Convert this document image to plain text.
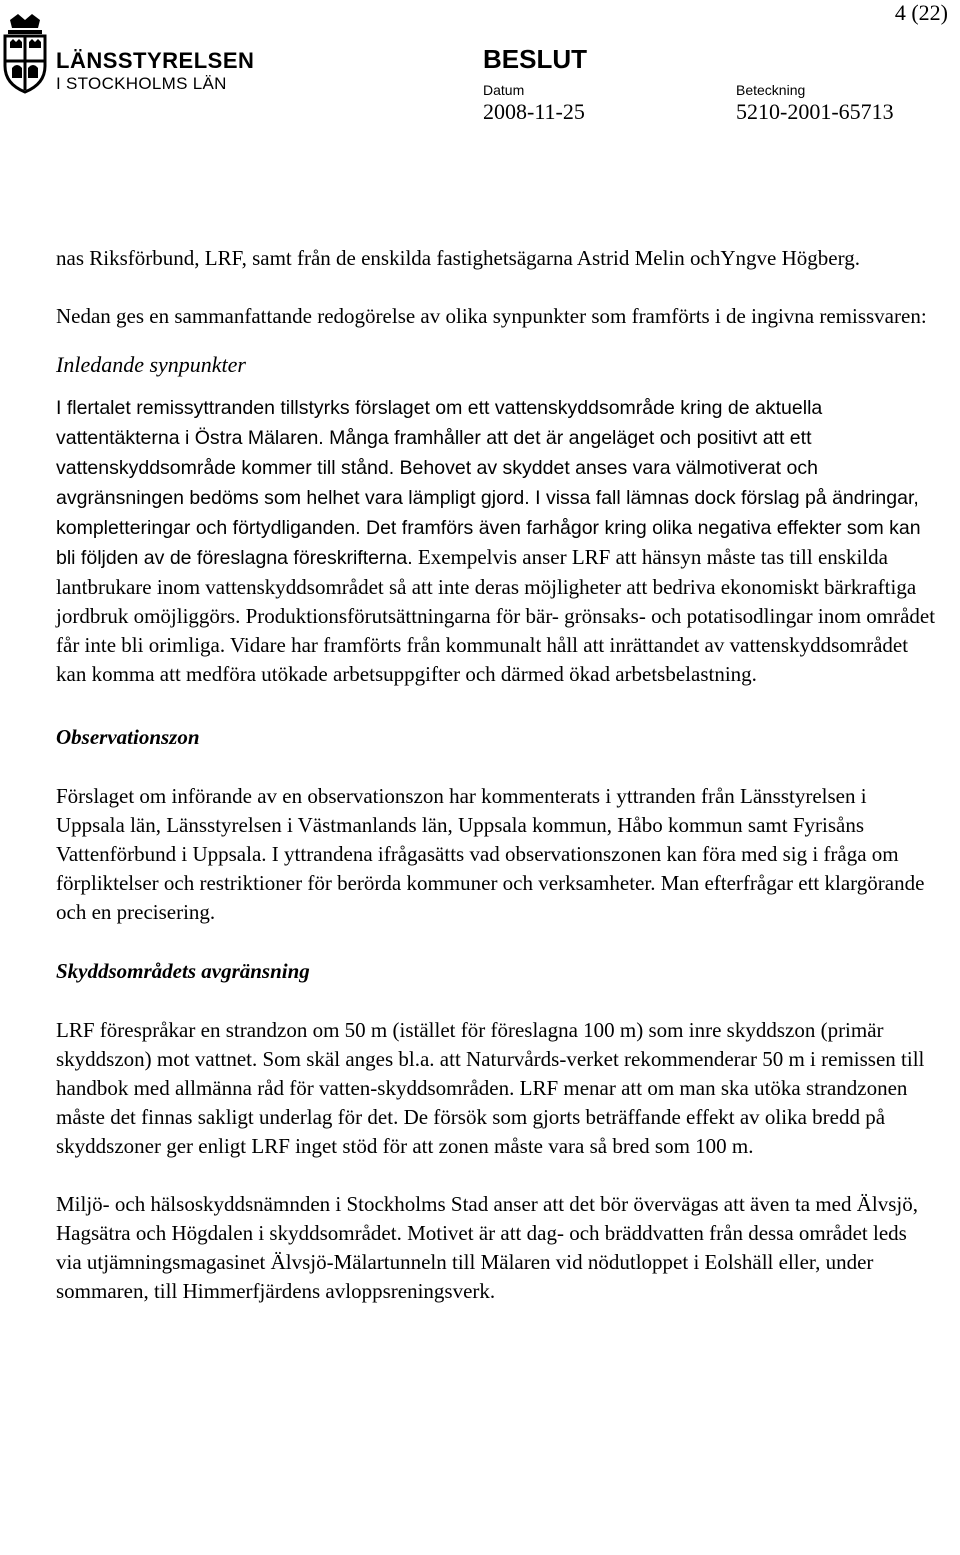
4 (22)
LÄNSSTYRELSEN
I STOCKHOLMS LÄN
BESLUT
Datum
2008-11-25
Beteckning
5210-2001-65713

nas Riksförbund, LRF, samt från de enskilda fastighetsägarna Astrid Melin ochYngve Högberg.

Nedan ges en sammanfattande redogörelse av olika synpunkter som framförts i de ingivna remissvaren:

Inledande synpunkter

I flertalet remissyttranden tillstyrks förslaget om ett vattenskyddsområde kring de aktuella vattentäkterna i Östra Mälaren. Många framhåller att det är angeläget och positivt att ett vattenskyddsområde kommer till stånd. Behovet av skyddet anses vara välmotiverat och avgränsningen bedöms som helhet vara lämpligt gjord. I vissa fall lämnas dock förslag på ändringar, kompletteringar och förtydliganden. Det framförs även farhågor kring olika negativa effekter som kan bli följden av de föreslagna föreskrifterna. Exempelvis anser LRF att hänsyn måste tas till enskilda lantbrukare inom vattenskyddsområdet så att inte deras möjligheter att bedriva ekonomiskt bärkraftiga jordbruk omöjliggörs. Produktionsförutsättningarna för bär- grönsaks- och potatisodlingar inom området får inte bli orimliga. Vidare har framförts från kommunalt håll att inrättandet av vattenskyddsområdet kan komma att medföra utökade arbetsuppgifter och därmed ökad arbetsbelastning.

Observationszon

Förslaget om införande av en observationszon har kommenterats i yttranden från Länsstyrelsen i Uppsala län, Länsstyrelsen i Västmanlands län, Uppsala kommun, Håbo kommun samt Fyrisåns Vattenförbund i Uppsala. I yttrandena ifrågasätts vad observationszonen kan föra med sig i fråga om förpliktelser och restriktioner för berörda kommuner och verksamheter. Man efterfrågar ett klargörande och en precisering.

Skyddsområdets avgränsning

LRF förespråkar en strandzon om 50 m (istället för föreslagna 100 m) som inre skyddszon (primär skyddszon) mot vattnet. Som skäl anges bl.a. att Naturvårds-verket rekommenderar 50 m i remissen till handbok med allmänna råd för vatten-skyddsområden. LRF menar att om man ska utöka strandzonen måste det finnas sakligt underlag för det. De försök som gjorts beträffande effekt av olika bredd på skyddszoner ger enligt LRF inget stöd för att zonen måste vara så bred som 100 m.

Miljö- och hälsoskyddsnämnden i Stockholms Stad anser att det bör övervägas att även ta med Älvsjö, Hagsätra och Högdalen i skyddsområdet. Motivet är att dag- och bräddvatten från dessa området leds via utjämningsmagasinet Älvsjö-Mälartunneln till Mälaren vid nödutloppet i Eolshäll eller, under sommaren, till Himmerfjärdens avloppsreningsverk.
